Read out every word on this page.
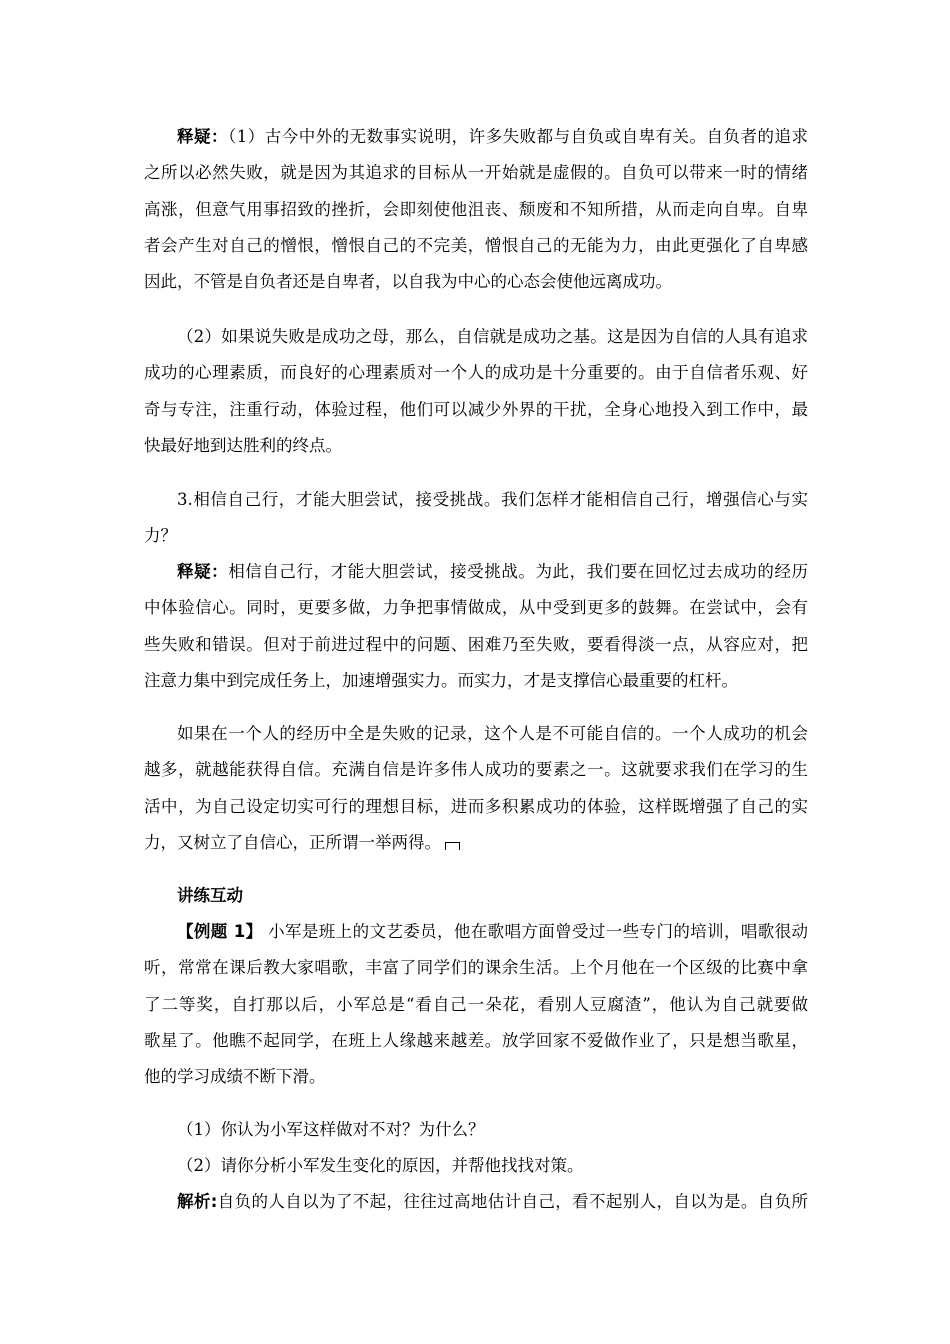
释疑：（1）古今中外的无数事实说明，许多失败都与自负或自卑有关。自负者的追求
之所以必然失败，就是因为其追求的目标从一开始就是虚假的。自负可以带来一时的情绪
高涨，但意气用事招致的挫折，会即刻使他沮丧、颓废和不知所措，从而走向自卑。自卑
者会产生对自己的憎恨，憎恨自己的不完美，憎恨自己的无能为力，由此更强化了自卑感
因此，不管是自负者还是自卑者，以自我为中心的心态会使他远离成功。
（2）如果说失败是成功之母，那么，自信就是成功之基。这是因为自信的人具有追求
成功的心理素质，而良好的心理素质对一个人的成功是十分重要的。由于自信者乐观、好
奇与专注，注重行动，体验过程，他们可以减少外界的干扰，全身心地投入到工作中，最
快最好地到达胜利的终点。
3.相信自己行，才能大胆尝试，接受挑战。我们怎样才能相信自己行，增强信心与实
力？
释疑：相信自己行，才能大胆尝试，接受挑战。为此，我们要在回忆过去成功的经历
中体验信心。同时，更要多做，力争把事情做成，从中受到更多的鼓舞。在尝试中，会有
些失败和错误。但对于前进过程中的问题、困难乃至失败，要看得淡一点，从容应对，把
注意力集中到完成任务上，加速增强实力。而实力，才是支撑信心最重要的杠杆。
如果在一个人的经历中全是失败的记录，这个人是不可能自信的。一个人成功的机会
越多，就越能获得自信。充满自信是许多伟人成功的要素之一。这就要求我们在学习的生
活中，为自己设定切实可行的理想目标，进而多积累成功的体验，这样既增强了自己的实
力，又树立了自信心，正所谓一举两得。
讲练互动
【例题 1】 小军是班上的文艺委员，他在歌唱方面曾受过一些专门的培训，唱歌很动
听，常常在课后教大家唱歌，丰富了同学们的课余生活。上个月他在一个区级的比赛中拿
了二等奖，自打那以后，小军总是“看自己一朵花，看别人豆腐渣”，他认为自己就要做
歌星了。他瞧不起同学，在班上人缘越来越差。放学回家不爱做作业了，只是想当歌星，
他的学习成绩不断下滑。
（1）你认为小军这样做对不对？为什么？
（2）请你分析小军发生变化的原因，并帮他找找对策。
解析:自负的人自以为了不起，往往过高地估计自己，看不起别人，自以为是。自负所
